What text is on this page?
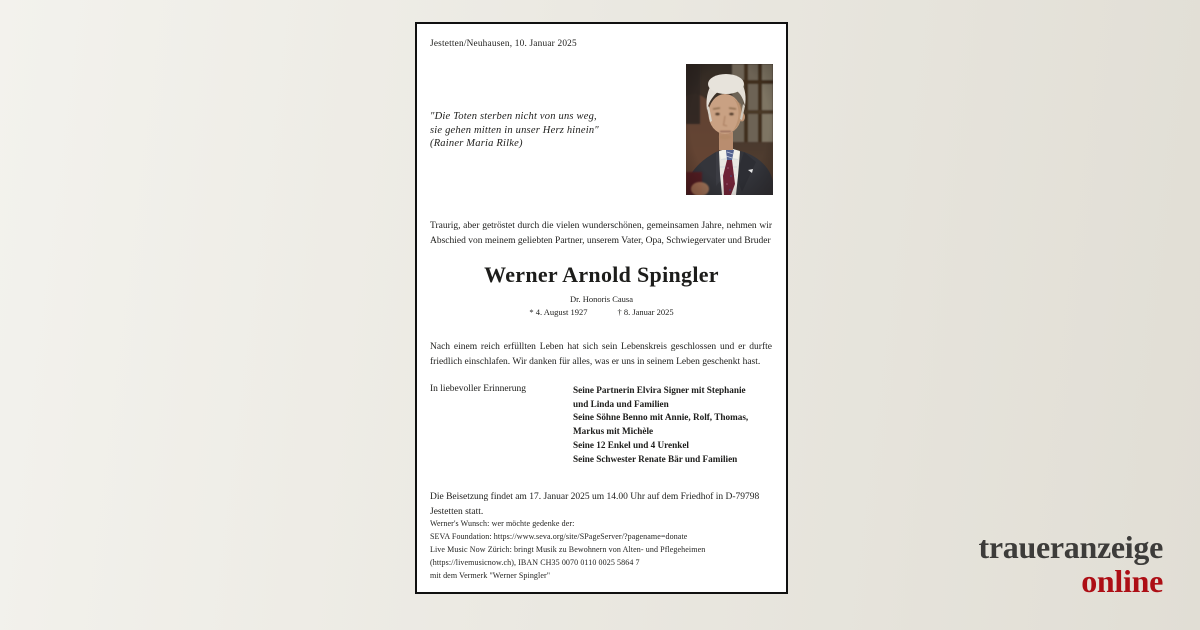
Jestetten/Neuhausen, 10. Januar 2025
"Die Toten sterben nicht von uns weg,
sie gehen mitten in unser Herz hinein"
(Rainer Maria Rilke)

Traurig, aber getröstet durch die vielen wunderschönen, gemeinsamen Jahre, nehmen wir Abschied von meinem geliebten Partner, unserem Vater, Opa, Schwiegervater und Bruder

Werner Arnold Spingler
Dr. Honoris Causa
* 4. August 1927	† 8. Januar 2025

Nach einem reich erfüllten Leben hat sich sein Lebenskreis geschlossen und er durfte friedlich einschlafen. Wir danken für alles, was er uns in seinem Leben geschenkt hast.

In liebevoller Erinnerung	Seine Partnerin Elvira Signer mit Stephanie
und Linda und Familien
Seine Söhne Benno mit Annie, Rolf, Thomas,
Markus mit Michèle
Seine 12 Enkel und 4 Urenkel
Seine Schwester Renate Bär und Familien

Die Beisetzung findet am 17. Januar 2025 um 14.00 Uhr auf dem Friedhof in D-79798 Jestetten statt.

Werner's Wunsch: wer möchte gedenke der:
SEVA Foundation: https://www.seva.org/site/SPageServer/?pagename=donate
Live Music Now Zürich: bringt Musik zu Bewohnern von Alten- und Pflegeheimen
(https://livemusicnow.ch), IBAN CH35 0070 0110 0025 5864 7
mit dem Vermerk "Werner Spingler"
traueranzeige
online
